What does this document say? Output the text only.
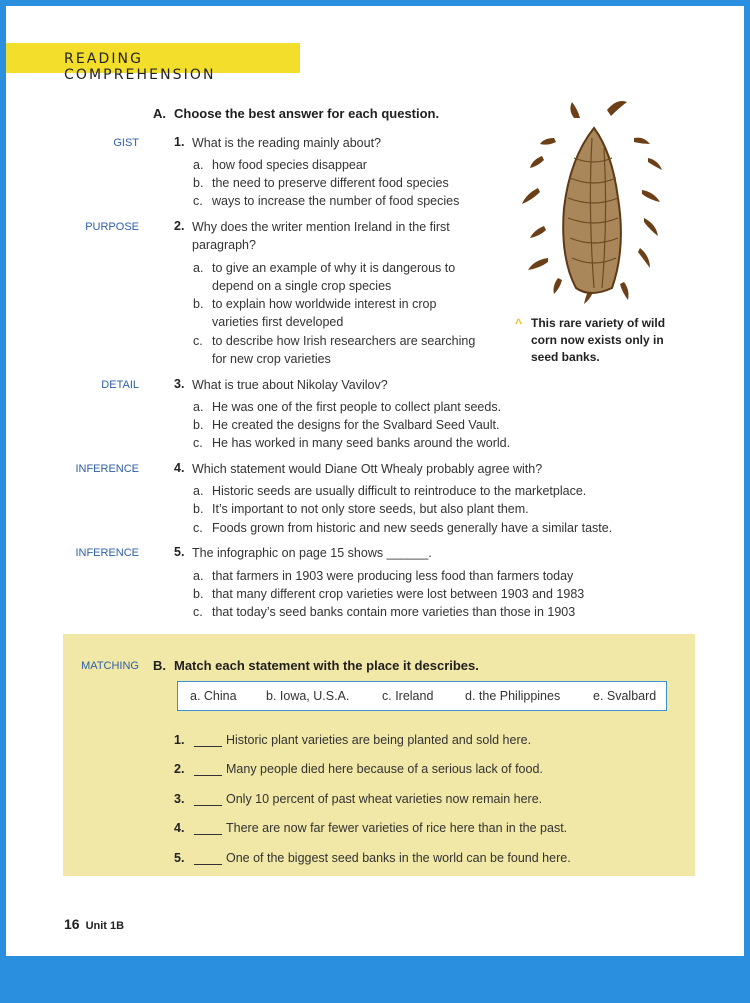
READING COMPREHENSION
A. Choose the best answer for each question.
GIST	1. What is the reading mainly about?
a. how food species disappear
b. the need to preserve different food species
c. ways to increase the number of food species
PURPOSE	2. Why does the writer mention Ireland in the first
paragraph?
a. to give an example of why it is dangerous to
depend on a single crop species
b. to explain how worldwide interest in crop
varieties first developed
c. to describe how Irish researchers are searching
for new crop varieties
DETAIL	3. What is true about Nikolay Vavilov?
a. He was one of the first people to collect plant seeds.
b. He created the designs for the Svalbard Seed Vault.
c. He has worked in many seed banks around the world.
INFERENCE	4. Which statement would Diane Ott Whealy probably agree with?
a. Historic seeds are usually difficult to reintroduce to the marketplace.
b. It’s important to not only store seeds, but also plant them.
c. Foods grown from historic and new seeds generally have a similar taste.
INFERENCE	5. The infographic on page 15 shows ______.
a. that farmers in 1903 were producing less food than farmers today
b. that many different crop varieties were lost between 1903 and 1983
c. that today’s seed banks contain more varieties than those in 1903
^ This rare variety of wild corn now exists only in seed banks.
MATCHING B. Match each statement with the place it describes.
a. China b. Iowa, U.S.A.	c. Ireland	d. the Philippines	e. Svalbard
1.	Historic plant varieties are being planted and sold here.
2.	Many people died here because of a serious lack of food.
3.	Only 10 percent of past wheat varieties now remain here.
4.	There are now far fewer varieties of rice here than in the past.
5.	One of the biggest seed banks in the world can be found here.
16 Unit 1B
